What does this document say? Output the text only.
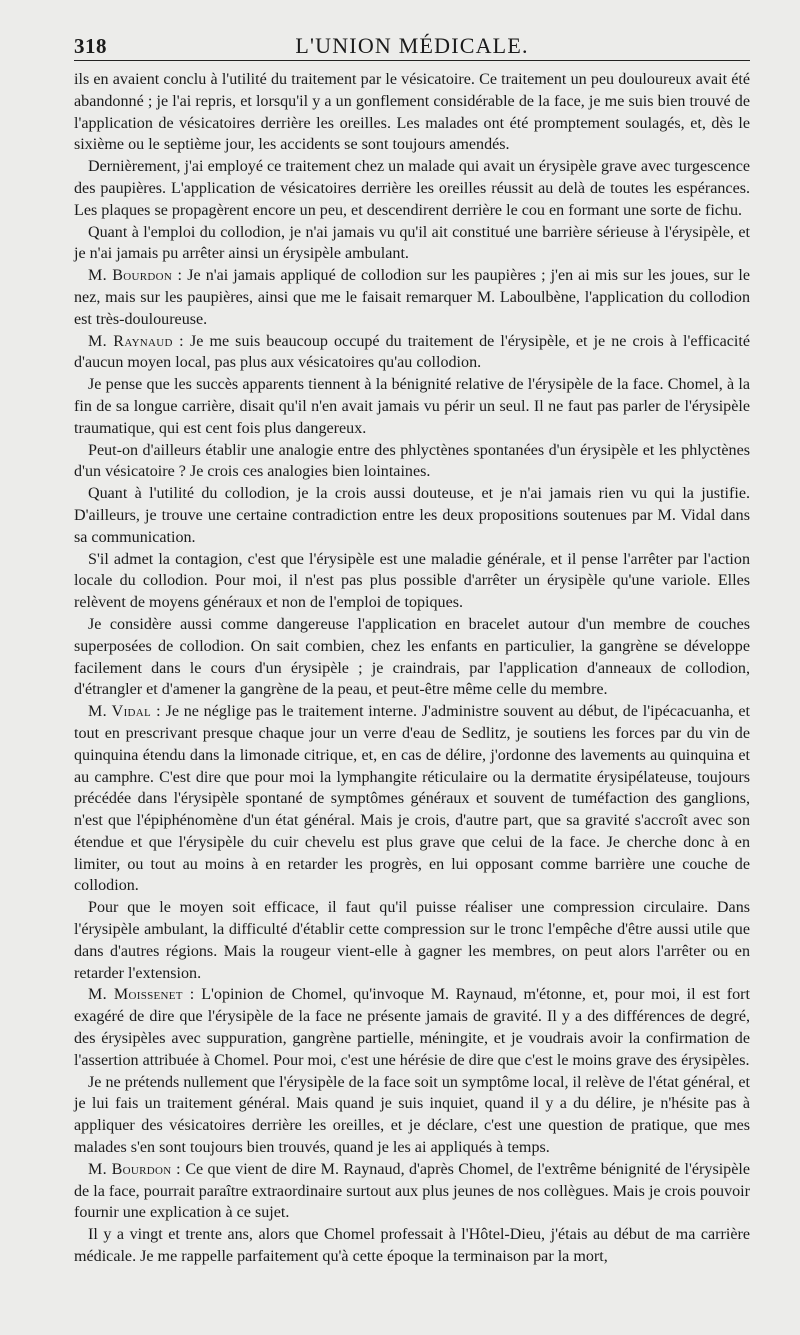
318	L'UNION MÉDICALE.

ils en avaient conclu à l'utilité du traitement par le vésicatoire. Ce traitement un peu douloureux avait été abandonné ; je l'ai repris, et lorsqu'il y a un gonflement considérable de la face, je me suis bien trouvé de l'application de vésicatoires derrière les oreilles. Les malades ont été promptement soulagés, et, dès le sixième ou le septième jour, les accidents se sont toujours amendés.

Dernièrement, j'ai employé ce traitement chez un malade qui avait un érysipèle grave avec turgescence des paupières. L'application de vésicatoires derrière les oreilles réussit au delà de toutes les espérances. Les plaques se propagèrent encore un peu, et descendirent derrière le cou en formant une sorte de fichu.

Quant à l'emploi du collodion, je n'ai jamais vu qu'il ait constitué une barrière sérieuse à l'érysipèle, et je n'ai jamais pu arrêter ainsi un érysipèle ambulant.

M. Bourdon : Je n'ai jamais appliqué de collodion sur les paupières ; j'en ai mis sur les joues, sur le nez, mais sur les paupières, ainsi que me le faisait remarquer M. Laboulbène, l'application du collodion est très-douloureuse.

M. Raynaud : Je me suis beaucoup occupé du traitement de l'érysipèle, et je ne crois à l'efficacité d'aucun moyen local, pas plus aux vésicatoires qu'au collodion.

Je pense que les succès apparents tiennent à la bénignité relative de l'érysipèle de la face. Chomel, à la fin de sa longue carrière, disait qu'il n'en avait jamais vu périr un seul. Il ne faut pas parler de l'érysipèle traumatique, qui est cent fois plus dangereux.

Peut-on d'ailleurs établir une analogie entre des phlyctènes spontanées d'un érysipèle et les phlyctènes d'un vésicatoire ? Je crois ces analogies bien lointaines.

Quant à l'utilité du collodion, je la crois aussi douteuse, et je n'ai jamais rien vu qui la justifie. D'ailleurs, je trouve une certaine contradiction entre les deux propositions soutenues par M. Vidal dans sa communication.

S'il admet la contagion, c'est que l'érysipèle est une maladie générale, et il pense l'arrêter par l'action locale du collodion. Pour moi, il n'est pas plus possible d'arrêter un érysipèle qu'une variole. Elles relèvent de moyens généraux et non de l'emploi de topiques.

Je considère aussi comme dangereuse l'application en bracelet autour d'un membre de couches superposées de collodion. On sait combien, chez les enfants en particulier, la gangrène se développe facilement dans le cours d'un érysipèle ; je craindrais, par l'application d'anneaux de collodion, d'étrangler et d'amener la gangrène de la peau, et peut-être même celle du membre.

M. Vidal : Je ne néglige pas le traitement interne. J'administre souvent au début, de l'ipécacuanha, et tout en prescrivant presque chaque jour un verre d'eau de Sedlitz, je soutiens les forces par du vin de quinquina étendu dans la limonade citrique, et, en cas de délire, j'ordonne des lavements au quinquina et au camphre. C'est dire que pour moi la lymphangite réticulaire ou la dermatite érysipélateuse, toujours précédée dans l'érysipèle spontané de symptômes généraux et souvent de tuméfaction des ganglions, n'est que l'épiphénomène d'un état général. Mais je crois, d'autre part, que sa gravité s'accroît avec son étendue et que l'érysipèle du cuir chevelu est plus grave que celui de la face. Je cherche donc à en limiter, ou tout au moins à en retarder les progrès, en lui opposant comme barrière une couche de collodion.

Pour que le moyen soit efficace, il faut qu'il puisse réaliser une compression circulaire. Dans l'érysipèle ambulant, la difficulté d'établir cette compression sur le tronc l'empêche d'être aussi utile que dans d'autres régions. Mais la rougeur vient-elle à gagner les membres, on peut alors l'arrêter ou en retarder l'extension.

M. Moissenet : L'opinion de Chomel, qu'invoque M. Raynaud, m'étonne, et, pour moi, il est fort exagéré de dire que l'érysipèle de la face ne présente jamais de gravité. Il y a des différences de degré, des érysipèles avec suppuration, gangrène partielle, méningite, et je voudrais avoir la confirmation de l'assertion attribuée à Chomel. Pour moi, c'est une hérésie de dire que c'est le moins grave des érysipèles.

Je ne prétends nullement que l'érysipèle de la face soit un symptôme local, il relève de l'état général, et je lui fais un traitement général. Mais quand je suis inquiet, quand il y a du délire, je n'hésite pas à appliquer des vésicatoires derrière les oreilles, et je déclare, c'est une question de pratique, que mes malades s'en sont toujours bien trouvés, quand je les ai appliqués à temps.

M. Bourdon : Ce que vient de dire M. Raynaud, d'après Chomel, de l'extrême bénignité de l'érysipèle de la face, pourrait paraître extraordinaire surtout aux plus jeunes de nos collègues. Mais je crois pouvoir fournir une explication à ce sujet.

Il y a vingt et trente ans, alors que Chomel professait à l'Hôtel-Dieu, j'étais au début de ma carrière médicale. Je me rappelle parfaitement qu'à cette époque la terminaison par la mort,
